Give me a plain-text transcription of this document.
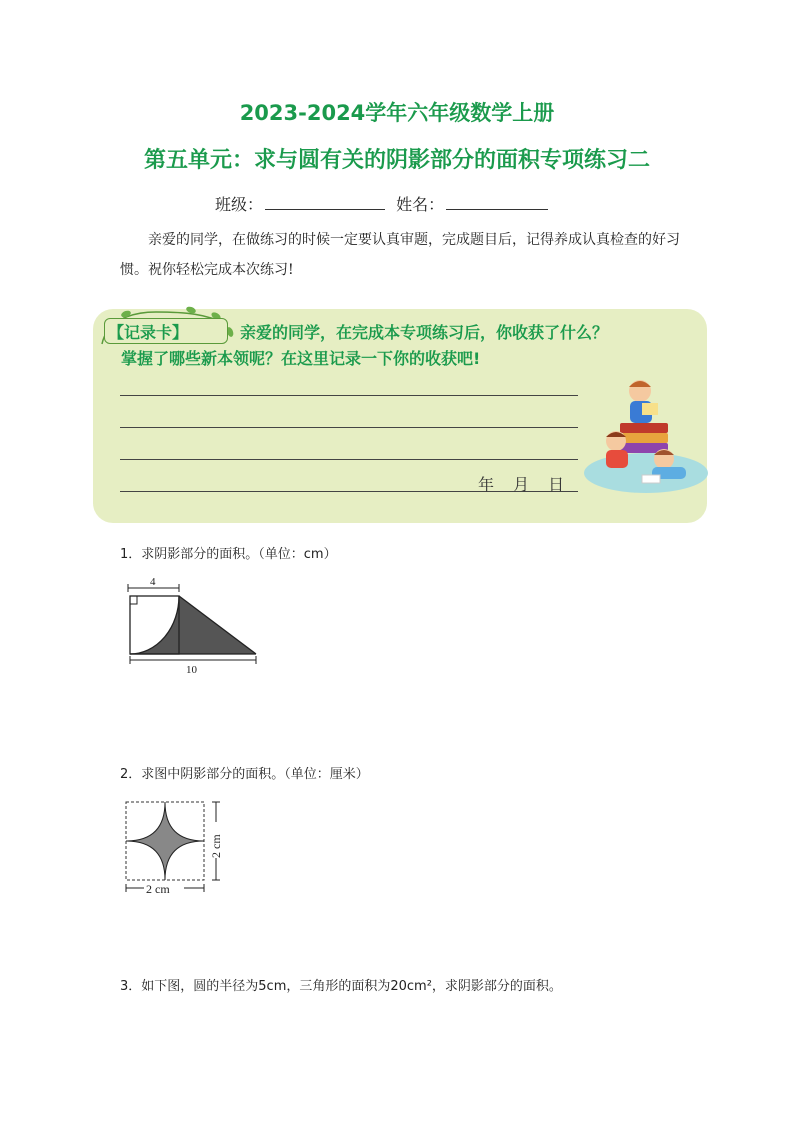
2023-2024学年六年级数学上册
第五单元：求与圆有关的阴影部分的面积专项练习二
班级：	姓名：
亲爱的同学，在做练习的时候一定要认真审题，完成题目后，记得养成认真检查的好习惯。祝你轻松完成本次练习!
【记录卡】	亲爱的同学，在完成本专项练习后，你收获了什么？
掌握了哪些新本领呢？在这里记录一下你的收获吧!
年 月 日
1．求阴影部分的面积。（单位：cm）
4
10
2．求图中阴影部分的面积。（单位：厘米）
2 cm
2 cm
3．如下图，圆的半径为5cm，三角形的面积为20cm²，求阴影部分的面积。
